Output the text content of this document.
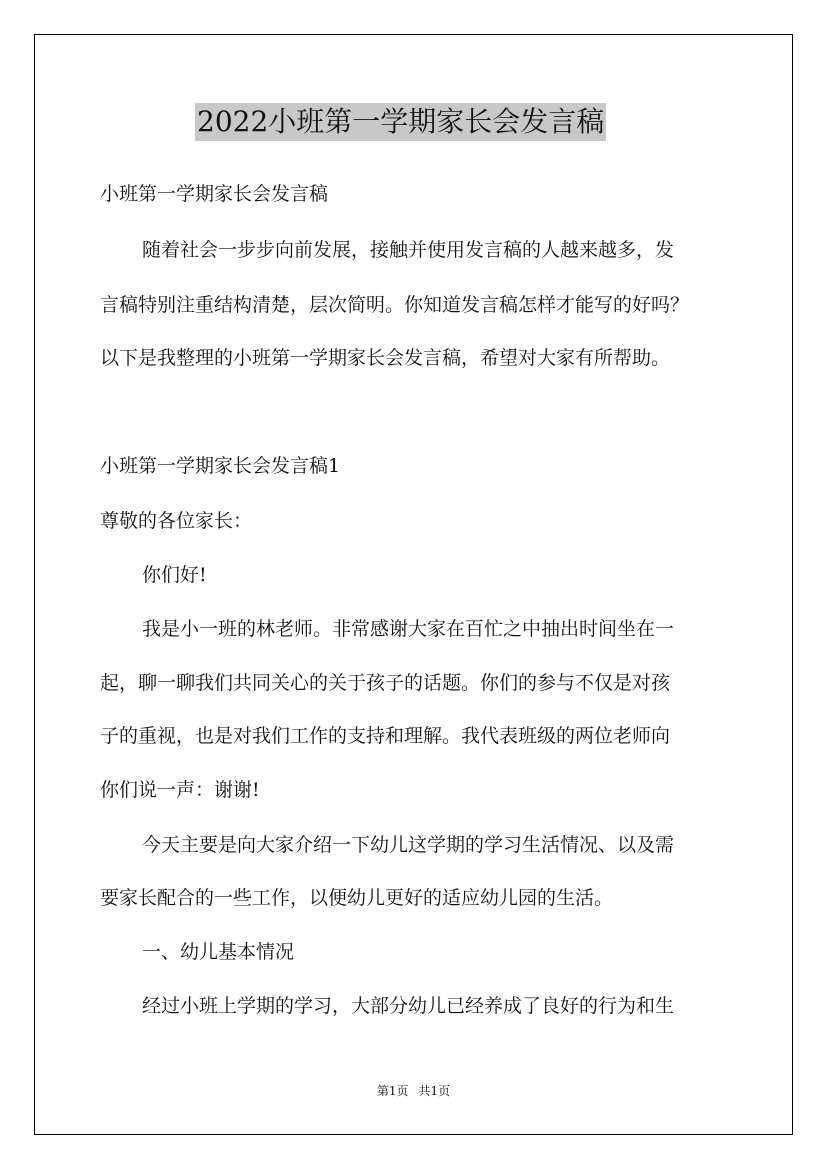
2022小班第一学期家长会发言稿
小班第一学期家长会发言稿
随着社会一步步向前发展，接触并使用发言稿的人越来越多，发
言稿特别注重结构清楚，层次简明。你知道发言稿怎样才能写的好吗？
以下是我整理的小班第一学期家长会发言稿，希望对大家有所帮助。
小班第一学期家长会发言稿1
尊敬的各位家长：
你们好!
我是小一班的林老师。非常感谢大家在百忙之中抽出时间坐在一
起，聊一聊我们共同关心的关于孩子的话题。你们的参与不仅是对孩
子的重视，也是对我们工作的支持和理解。我代表班级的两位老师向
你们说一声：谢谢!
今天主要是向大家介绍一下幼儿这学期的学习生活情况、以及需
要家长配合的一些工作，以便幼儿更好的适应幼儿园的生活。
一、幼儿基本情况
经过小班上学期的学习，大部分幼儿已经养成了良好的行为和生
第1页 共1页
